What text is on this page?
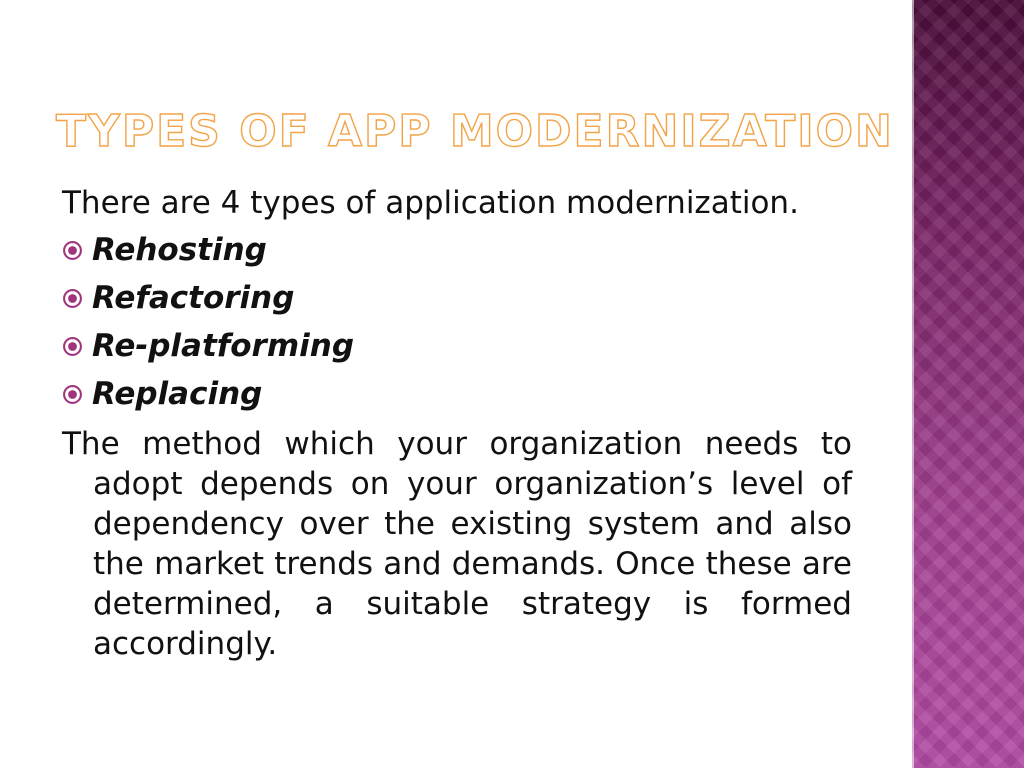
TYPES OF APP MODERNIZATION

There are 4 types of application modernization.

Rehosting
Refactoring
Re-platforming
Replacing

The method which your organization needs to adopt depends on your organization’s level of dependency over the existing system and also the market trends and demands. Once these are determined, a suitable strategy is formed accordingly.
